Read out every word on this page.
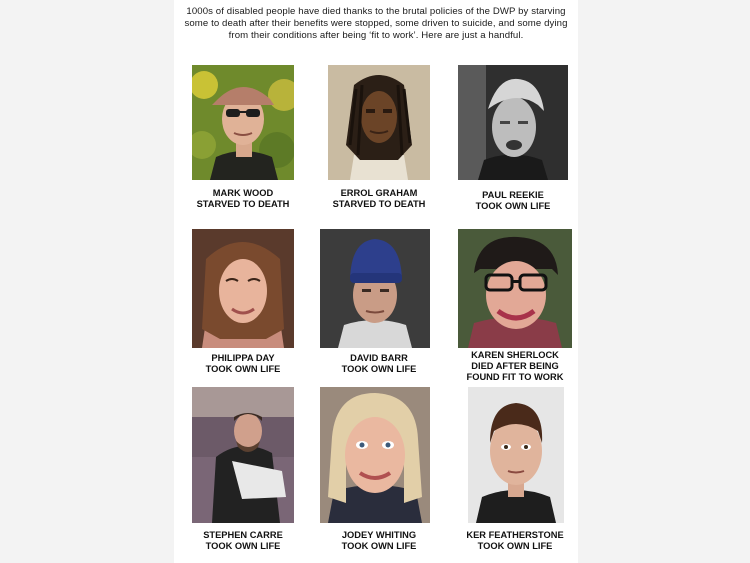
1000s of disabled people have died thanks to the brutal policies of the DWP by starving some to death after their benefits were stopped, some driven to suicide, and some dying from their conditions after being ‘fit to work’. Here are just a handful.

MARK WOOD
STARVED TO DEATH
ERROL GRAHAM
STARVED TO DEATH
PAUL REEKIE
TOOK OWN LIFE
PHILIPPA DAY
TOOK OWN LIFE
DAVID BARR
TOOK OWN LIFE
KAREN SHERLOCK
DIED AFTER BEING
FOUND FIT TO WORK
STEPHEN CARRE
TOOK OWN LIFE
JODEY WHITING
TOOK OWN LIFE
KER FEATHERSTONE
TOOK OWN LIFE
